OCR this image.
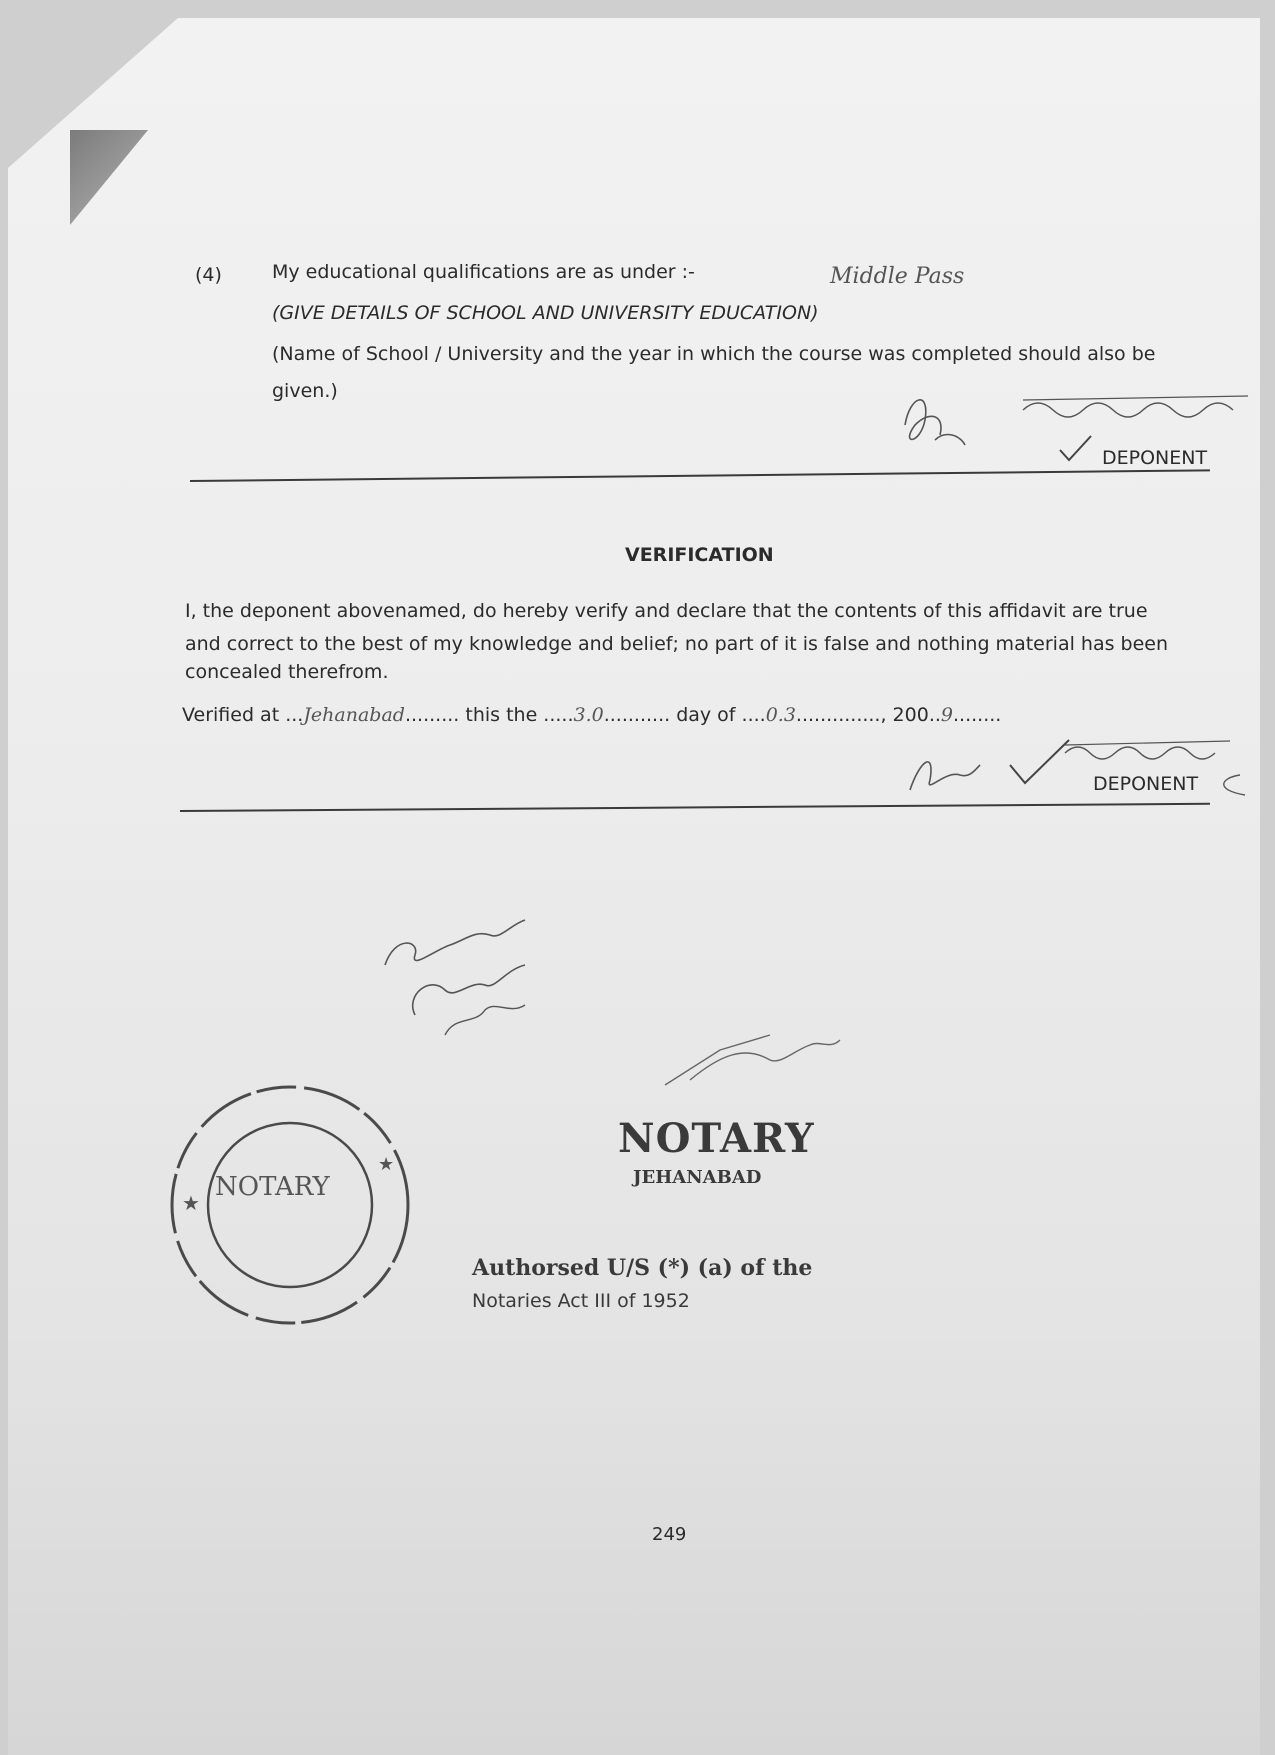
(4)	My educational qualifications are as under :-	Middle Pass
(GIVE DETAILS OF SCHOOL AND UNIVERSITY EDUCATION)
(Name of School / University and the year in which the course was completed should also be
given.)
DEPONENT
VERIFICATION
I, the deponent abovenamed, do hereby verify and declare that the contents of this affidavit are true
and correct to the best of my knowledge and belief; no part of it is false and nothing material has been
concealed therefrom.
Verified at ...Jehanabad......... this the .....3.0........... day of ....0.3.............., 200..9........
DEPONENT
NOTARY
★
★
NOTARY
JEHANABAD
Authorsed U/S (*) (a) of the
Notaries Act III of 1952
249
